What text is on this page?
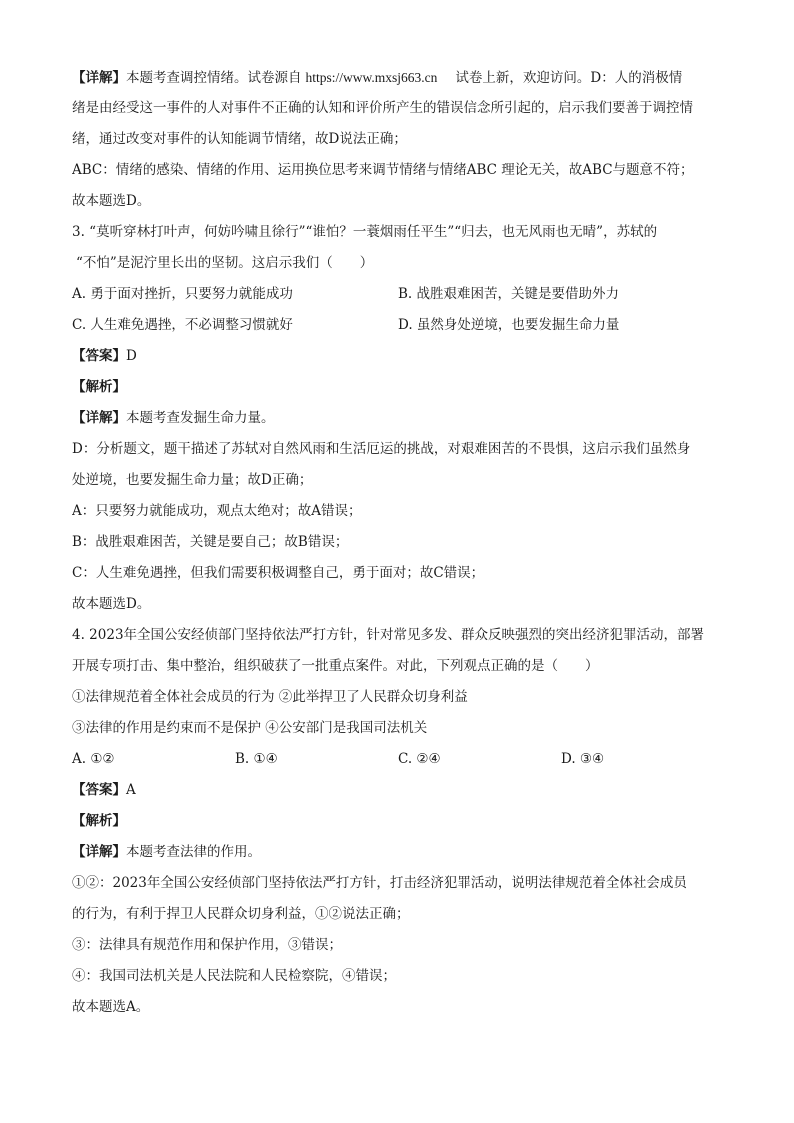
【详解】本题考查调控情绪。试卷源自 https://www.mxsj663.cn 试卷上新，欢迎访问。D：人的消极情
绪是由经受这一事件的人对事件不正确的认知和评价所产生的错误信念所引起的，启示我们要善于调控情
绪，通过改变对事件的认知能调节情绪，故D说法正确；
ABC：情绪的感染、情绪的作用、运用换位思考来调节情绪与情绪ABC 理论无关，故ABC与题意不符；
故本题选D。
3. “莫听穿林打叶声，何妨吟啸且徐行”“谁怕？一蓑烟雨任平生”“归去，也无风雨也无晴”，苏轼的
“不怕”是泥泞里长出的坚韧。这启示我们（　　）
A. 勇于面对挫折，只要努力就能成功	B. 战胜艰难困苦，关键是要借助外力
C. 人生难免遇挫，不必调整习惯就好	D. 虽然身处逆境，也要发掘生命力量
【答案】D
【解析】
【详解】本题考查发掘生命力量。
D：分析题文，题干描述了苏轼对自然风雨和生活厄运的挑战，对艰难困苦的不畏惧，这启示我们虽然身
处逆境，也要发掘生命力量；故D正确；
A：只要努力就能成功，观点太绝对；故A错误；
B：战胜艰难困苦，关键是要自己；故B错误；
C：人生难免遇挫，但我们需要积极调整自己，勇于面对；故C错误；
故本题选D。
4. 2023年全国公安经侦部门坚持依法严打方针，针对常见多发、群众反映强烈的突出经济犯罪活动，部署
开展专项打击、集中整治，组织破获了一批重点案件。对此，下列观点正确的是（　　）
①法律规范着全体社会成员的行为 ②此举捍卫了人民群众切身利益
③法律的作用是约束而不是保护 ④公安部门是我国司法机关
A. ①②	B. ①④	C. ②④	D. ③④
【答案】A
【解析】
【详解】本题考查法律的作用。
①②：2023年全国公安经侦部门坚持依法严打方针，打击经济犯罪活动，说明法律规范着全体社会成员
的行为，有利于捍卫人民群众切身利益，①②说法正确；
③：法律具有规范作用和保护作用，③错误；
④：我国司法机关是人民法院和人民检察院，④错误；
故本题选A。
